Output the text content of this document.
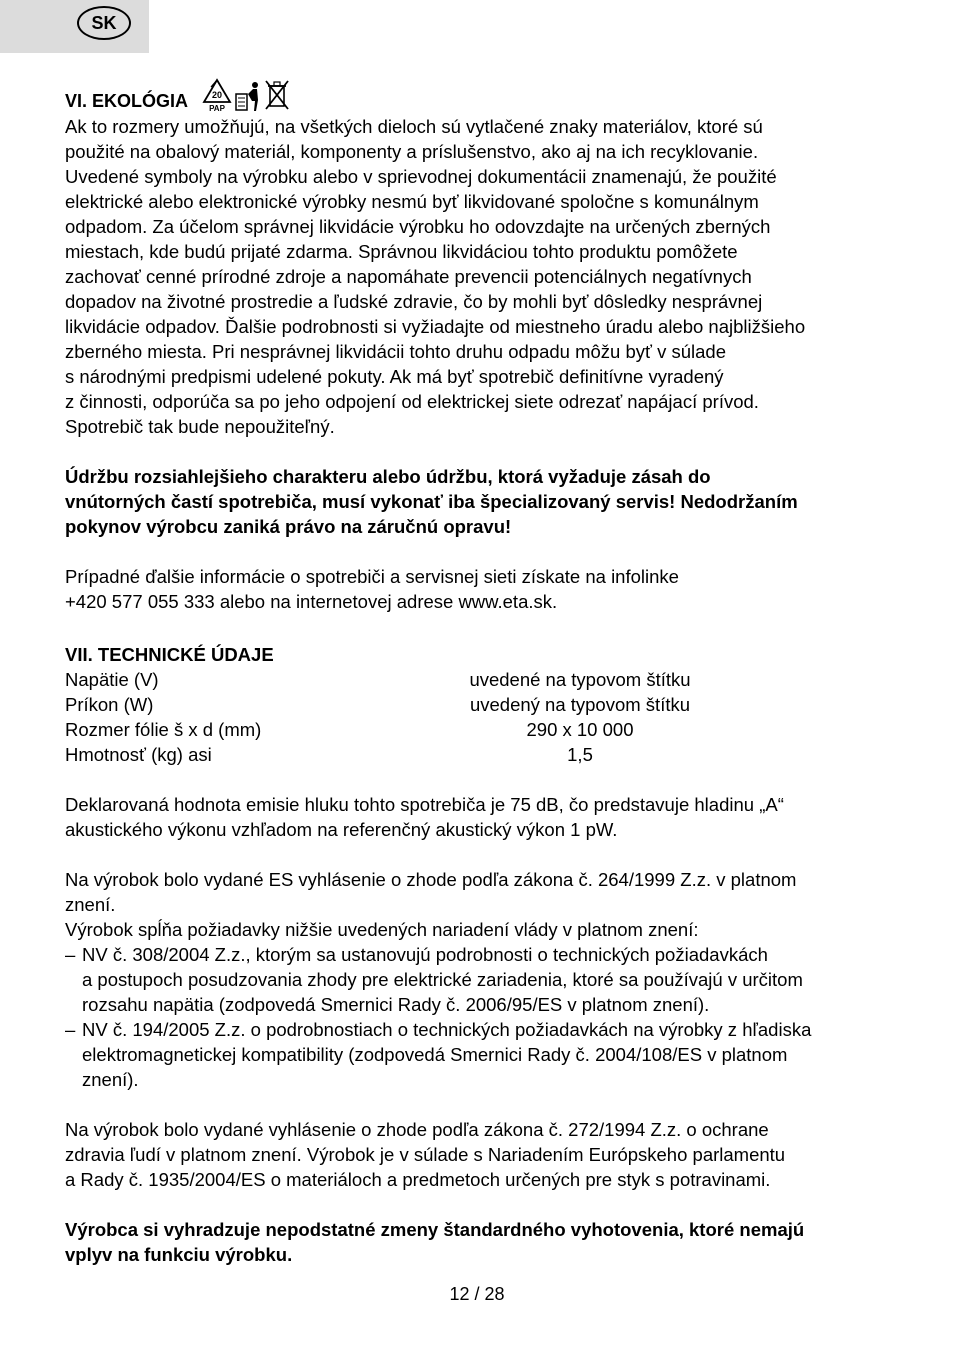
SK
VI. EKOLÓGIA	20
PAP

Ak to rozmery umožňujú, na všetkých dieloch sú vytlačené znaky materiálov, ktoré sú

použité na obalový materiál, komponenty a príslušenstvo, ako aj na ich recyklovanie.

Uvedené symboly na výrobku alebo v sprievodnej dokumentácii znamenajú, že použité

elektrické alebo elektronické výrobky nesmú byť likvidované spoločne s komunálnym

odpadom. Za účelom správnej likvidácie výrobku ho odovzdajte na určených zberných

miestach, kde budú prijaté zdarma. Správnou likvidáciou tohto produktu pomôžete

zachovať cenné prírodné zdroje a napomáhate prevencii potenciálnych negatívnych

dopadov na životné prostredie a ľudské zdravie, čo by mohli byť dôsledky nesprávnej

likvidácie odpadov. Ďalšie podrobnosti si vyžiadajte od miestneho úradu alebo najbližšieho

zberného miesta. Pri nesprávnej likvidácii tohto druhu odpadu môžu byť v súlade

s národnými predpismi udelené pokuty. Ak má byť spotrebič definitívne vyradený

z činnosti, odporúča sa po jeho odpojení od elektrickej siete odrezať napájací prívod.

Spotrebič tak bude nepoužiteľný.

Údržbu rozsiahlejšieho charakteru alebo údržbu, ktorá vyžaduje zásah do

vnútorných častí spotrebiča, musí vykonať iba špecializovaný servis! Nedodržaním

pokynov výrobcu zaniká právo na záručnú opravu!

Prípadné ďalšie informácie o spotrebiči a servisnej sieti získate na infolinke

+420 577 055 333 alebo na internetovej adrese www.eta.sk.

VII. TECHNICKÉ ÚDAJE

Napätie (V)	uvedené na typovom štítku
Príkon (W)	uvedený na typovom štítku
Rozmer fólie š x d (mm)	290 x 10 000
Hmotnosť (kg) asi	1,5

Deklarovaná hodnota emisie hluku tohto spotrebiča je 75 dB, čo predstavuje hladinu „A“

akustického výkonu vzhľadom na referenčný akustický výkon 1 pW.

Na výrobok bolo vydané ES vyhlásenie o zhode podľa zákona č. 264/1999 Z.z. v platnom

znení.

Výrobok spĺňa požiadavky nižšie uvedených nariadení vlády v platnom znení:

– NV č. 308/2004 Z.z., ktorým sa ustanovujú podrobnosti o technických požiadavkách

a postupoch posudzovania zhody pre elektrické zariadenia, ktoré sa používajú v určitom

rozsahu napätia (zodpovedá Smernici Rady č. 2006/95/ES v platnom znení).

– NV č. 194/2005 Z.z. o podrobnostiach o technických požiadavkách na výrobky z hľadiska

elektromagnetickej kompatibility (zodpovedá Smernici Rady č. 2004/108/ES v platnom

znení).

Na výrobok bolo vydané vyhlásenie o zhode podľa zákona č. 272/1994 Z.z. o ochrane

zdravia ľudí v platnom znení. Výrobok je v súlade s Nariadením Európskeho parlamentu

a Rady č. 1935/2004/ES o materiáloch a predmetoch určených pre styk s potravinami.

Výrobca si vyhradzuje nepodstatné zmeny štandardného vyhotovenia, ktoré nemajú

vplyv na funkciu výrobku.

12 / 28
